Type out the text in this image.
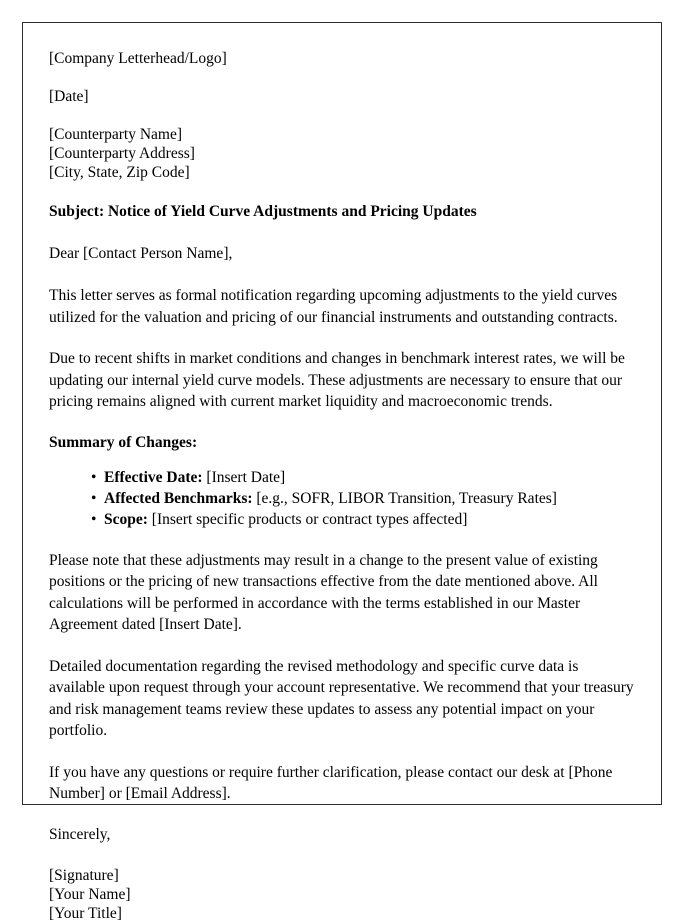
[Company Letterhead/Logo]
[Date]
[Counterparty Name]
[Counterparty Address]
[City, State, Zip Code]
Subject: Notice of Yield Curve Adjustments and Pricing Updates
Dear [Contact Person Name],

This letter serves as formal notification regarding upcoming adjustments to the yield curves utilized for the valuation and pricing of our financial instruments and outstanding contracts.

Due to recent shifts in market conditions and changes in benchmark interest rates, we will be updating our internal yield curve models. These adjustments are necessary to ensure that our pricing remains aligned with current market liquidity and macroeconomic trends.

Summary of Changes:
• Effective Date: [Insert Date]
• Affected Benchmarks: [e.g., SOFR, LIBOR Transition, Treasury Rates]
• Scope: [Insert specific products or contract types affected]

Please note that these adjustments may result in a change to the present value of existing positions or the pricing of new transactions effective from the date mentioned above. All calculations will be performed in accordance with the terms established in our Master Agreement dated [Insert Date].

Detailed documentation regarding the revised methodology and specific curve data is available upon request through your account representative. We recommend that your treasury and risk management teams review these updates to assess any potential impact on your portfolio.

If you have any questions or require further clarification, please contact our desk at [Phone Number] or [Email Address].

Sincerely,
[Signature]
[Your Name]
[Your Title]
